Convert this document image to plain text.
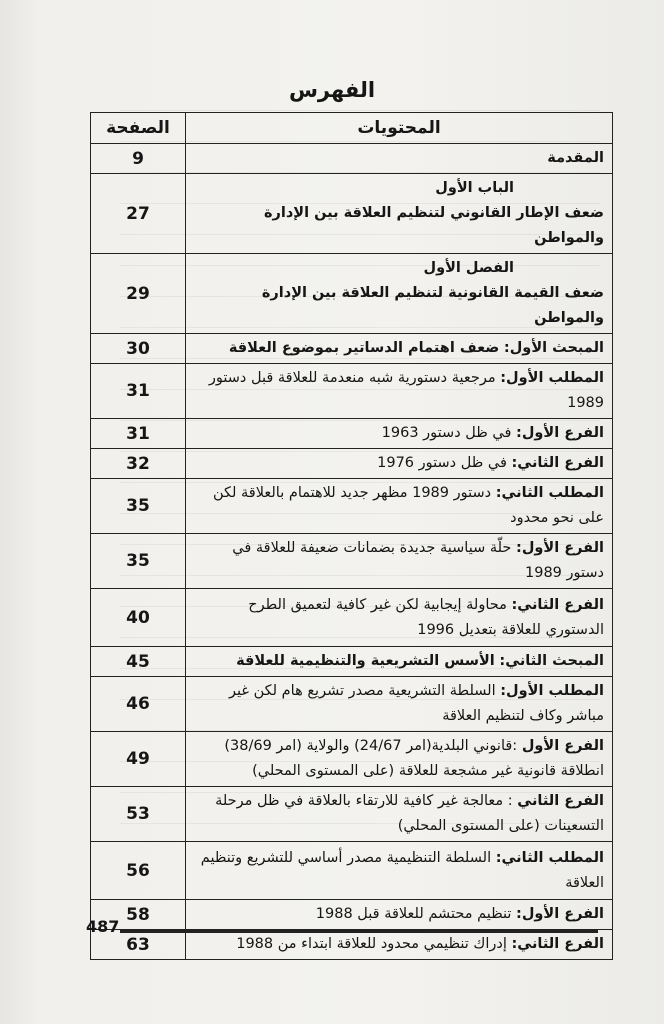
الفهرس
المحتويات	الصفحة
المقدمة	9

الباب الأول
ضعف الإطار القانوني لتنظيم العلاقة بين الإدارة والمواطن	27

الفصل الأول
ضعف القيمة القانونية لتنظيم العلاقة بين الإدارة والمواطن	29
المبحث الأول: ضعف اهتمام الدساتير بموضوع العلاقة	30
المطلب الأول: مرجعية دستورية شبه منعدمة للعلاقة قبل دستور 1989	31
الفرع الأول: في ظل دستور 1963	31
الفرع الثاني: في ظل دستور 1976	32
المطلب الثاني: دستور 1989 مظهر جديد للاهتمام بالعلاقة لكن على نحو محدود	35
الفرع الأول: حلّة سياسية جديدة بضمانات ضعيفة للعلاقة في دستور 1989	35
الفرع الثاني: محاولة إيجابية لكن غير كافية لتعميق الطرح الدستوري للعلاقة بتعديل 1996	40
المبحث الثاني: الأسس التشريعية والتنظيمية للعلاقة	45
المطلب الأول: السلطة التشريعية مصدر تشريع هام لكن غير مباشر وكاف لتنظيم العلاقة	46
الفرع الأول :قانوني البلدية(امر 24/67) والولاية (امر 38/69) انطلاقة قانونية غير مشجعة للعلاقة (على المستوى المحلي)	49
الفرع الثاني : معالجة غير كافية للارتقاء بالعلاقة في ظل مرحلة التسعينات (على المستوى المحلي)	53
المطلب الثاني: السلطة التنظيمية مصدر أساسي للتشريع وتنظيم العلاقة	56
الفرع الأول: تنظيم محتشم للعلاقة قبل 1988	58
الفرع الثاني: إدراك تنظيمي محدود للعلاقة ابتداء من 1988	63
487
